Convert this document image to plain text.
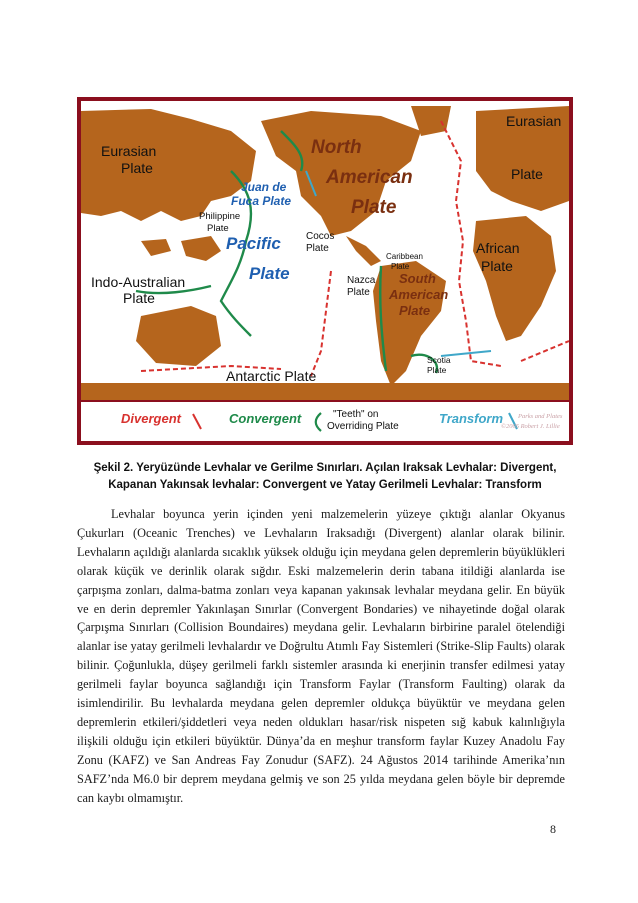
Eurasian
Plate
Eurasian
Plate
North
American
Plate
Juan de
Fuca Plate
Philippine
Plate
Pacific
Plate
Cocos
Plate
Caribbean
Plate
African
Plate
Nazca
Plate
South
American
Plate
Indo-Australian
Plate
Scotia
Plate
Antarctic Plate
Divergent	Convergent	"Teeth" on
Overriding Plate
Transform Parks and Plates
©2005 Robert J. Lillie
Şekil 2. Yeryüzünde Levhalar ve Gerilme Sınırları. Açılan Iraksak Levhalar: Divergent,
Kapanan Yakınsak levhalar: Convergent ve Yatay Gerilmeli Levhalar: Transform

Levhalar boyunca yerin içinden yeni malzemelerin yüzeye çıktığı alanlar Okyanus Çukurları (Oceanic Trenches) ve Levhaların Iraksadığı (Divergent) alanlar olarak bilinir. Levhaların açıldığı alanlarda sıcaklık yüksek olduğu için meydana gelen depremlerin büyüklükleri olarak küçük ve derinlik olarak sığdır. Eski malzemelerin derin tabana itildiği alanlarda ise çarpışma zonları, dalma-batma zonları veya kapanan yakınsak levhalar meydana gelir. En büyük ve en derin depremler Yakınlaşan Sınırlar (Convergent Bondaries) ve nihayetinde doğal olarak Çarpışma Sınırları (Collision Boundaires) meydana gelir. Levhaların birbirine paralel ötelendiği alanlar ise yatay gerilmeli levhalardır ve Doğrultu Atımlı Fay Sistemleri (Strike-Slip Faults) olarak bilinir. Çoğunlukla, düşey gerilmeli farklı sistemler arasında ki enerjinin transfer edilmesi yatay gerilmeli faylar boyunca sağlandığı için Transform Faylar (Transform Faulting) olarak da isimlendirilir. Bu levhalarda meydana gelen depremler oldukça büyüktür ve meydana gelen depremlerin etkileri/şiddetleri veya neden oldukları hasar/risk nispeten sığ kabuk kalınlığıyla ilişkili olduğu için etkileri büyüktür. Dünya’da en meşhur transform faylar Kuzey Anadolu Fay Zonu (KAFZ) ve San Andreas Fay Zonudur (SAFZ). 24 Ağustos 2014 tarihinde Amerika’nın SAFZ’nda M6.0 bir deprem meydana gelmiş ve son 25 yılda meydana gelen böyle bir depremde can kaybı olmamıştır.

8
